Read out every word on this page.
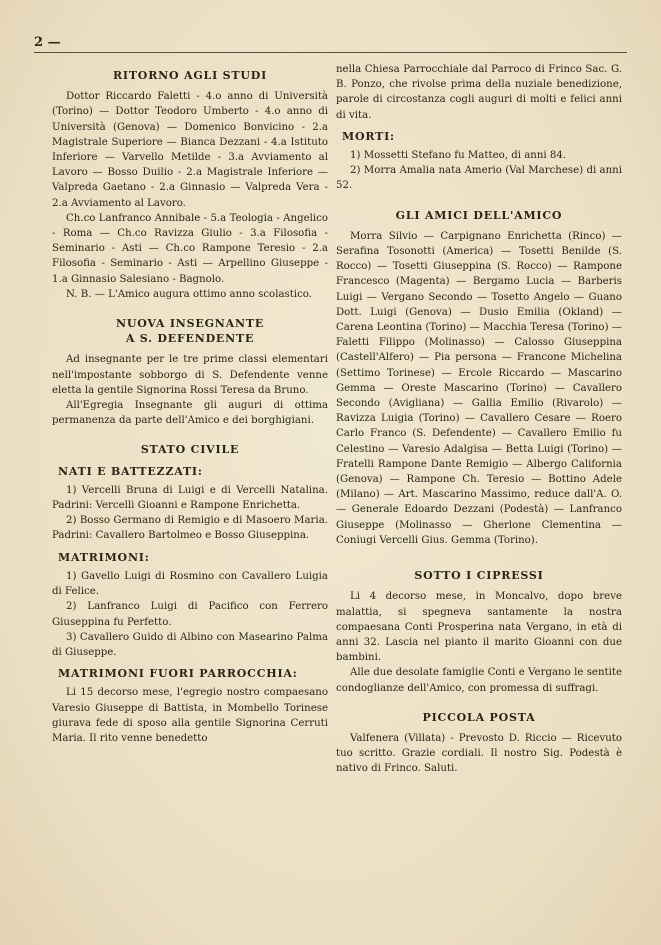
2 —
RITORNO AGLI STUDI

Dottor Riccardo Faletti - 4.o anno di Università (Torino) — Dottor Teodoro Umberto - 4.o anno di Università (Genova) — Domenico Bonvicino - 2.a Magistrale Superiore — Bianca Dezzani - 4.a Istituto Inferiore — Varvello Metilde - 3.a Avviamento al Lavoro — Bosso Duilio - 2.a Magistrale Inferiore — Valpreda Gaetano - 2.a Ginnasio — Valpreda Vera - 2.a Avviamento al Lavoro.

Ch.co Lanfranco Annibale - 5.a Teologia - Angelico - Roma — Ch.co Ravizza Giulio - 3.a Filosofia - Seminario - Asti — Ch.co Rampone Teresio - 2.a Filosofia - Seminario - Asti — Arpellino Giuseppe - 1.a Ginnasio Salesiano - Bagnolo.

N. B. — L'Amico augura ottimo anno scolastico.

NUOVA INSEGNANTE
A S. DEFENDENTE

Ad insegnante per le tre prime classi elementari nell'impostante sobborgo di S. Defendente venne eletta la gentile Signorina Rossi Teresa da Bruno.

All'Egregia Insegnante gli auguri di ottima permanenza da parte dell'Amico e dei borghigiani.

STATO CIVILE
NATI E BATTEZZATI:

1) Vercelli Bruna di Luigi e di Vercelli Natalina. Padrini: Vercelli Gioanni e Rampone Enrichetta.

2) Bosso Germano di Remigio e di Masoero Maria. Padrini: Cavallero Bartolmeo e Bosso Giuseppina.

MATRIMONI:

1) Gavello Luigi di Rosmino con Cavallero Luigia di Felice.

2) Lanfranco Luigi di Pacifico con Ferrero Giuseppina fu Perfetto.

3) Cavallero Guido di Albino con Masearino Palma di Giuseppe.

MATRIMONI FUORI PARROCCHIA:

Li 15 decorso mese, l'egregio nostro compaesano Varesio Giuseppe di Battista, in Mombello Torinese giurava fede di sposo alla gentile Signorina Cerruti Maria. Il rito venne benedetto

nella Chiesa Parrocchiale dal Parroco di Frinco Sac. G. B. Ponzo, che rivolse prima della nuziale benedizione, parole di circostanza cogli auguri di molti e felici anni di vita.

MORTI:

1) Mossetti Stefano fu Matteo, di anni 84.

2) Morra Amalia nata Amerio (Val Marchese) di anni 52.

GLI AMICI DELL'AMICO

Morra Silvio — Carpignano Enrichetta (Rinco) — Serafina Tosonotti (America) — Tosetti Benilde (S. Rocco) — Tosetti Giuseppina (S. Rocco) — Rampone Francesco (Magenta) — Bergamo Lucia — Barberis Luigi — Vergano Secondo — Tosetto Angelo — Guano Dott. Luigi (Genova) — Dusio Emilia (Okland) — Carena Leontina (Torino) — Macchia Teresa (Torino) — Faletti Filippo (Molinasso) — Calosso Giuseppina (Castell'Alfero) — Pia persona — Francone Michelina (Settimo Torinese) — Ercole Riccardo — Mascarino Gemma — Oreste Mascarino (Torino) — Cavallero Secondo (Avigliana) — Gallia Emilio (Rivarolo) — Ravizza Luigia (Torino) — Cavallero Cesare — Roero Carlo Franco (S. Defendente) — Cavallero Emilio fu Celestino — Varesio Adalgisa — Betta Luigi (Torino) — Fratelli Rampone Dante Remigio — Albergo California (Genova) — Rampone Ch. Teresio — Bottino Adele (Milano) — Art. Mascarino Massimo, reduce dall'A. O. — Generale Edoardo Dezzani (Podestà) — Lanfranco Giuseppe (Molinasso — Gherlone Clementina — Coniugi Vercelli Gius. Gemma (Torino).

SOTTO I CIPRESSI

Li 4 decorso mese, in Moncalvo, dopo breve malattia, si spegneva santamente la nostra compaesana Conti Prosperina nata Vergano, in età di anni 32. Lascia nel pianto il marito Gioanni con due bambini.

Alle due desolate famiglie Conti e Vergano le sentite condoglianze dell'Amico, con promessa di suffragi.

PICCOLA POSTA

Valfenera (Villata) - Prevosto D. Riccio — Ricevuto tuo scritto. Grazie cordiali. Il nostro Sig. Podestà è nativo di Frinco. Saluti.
